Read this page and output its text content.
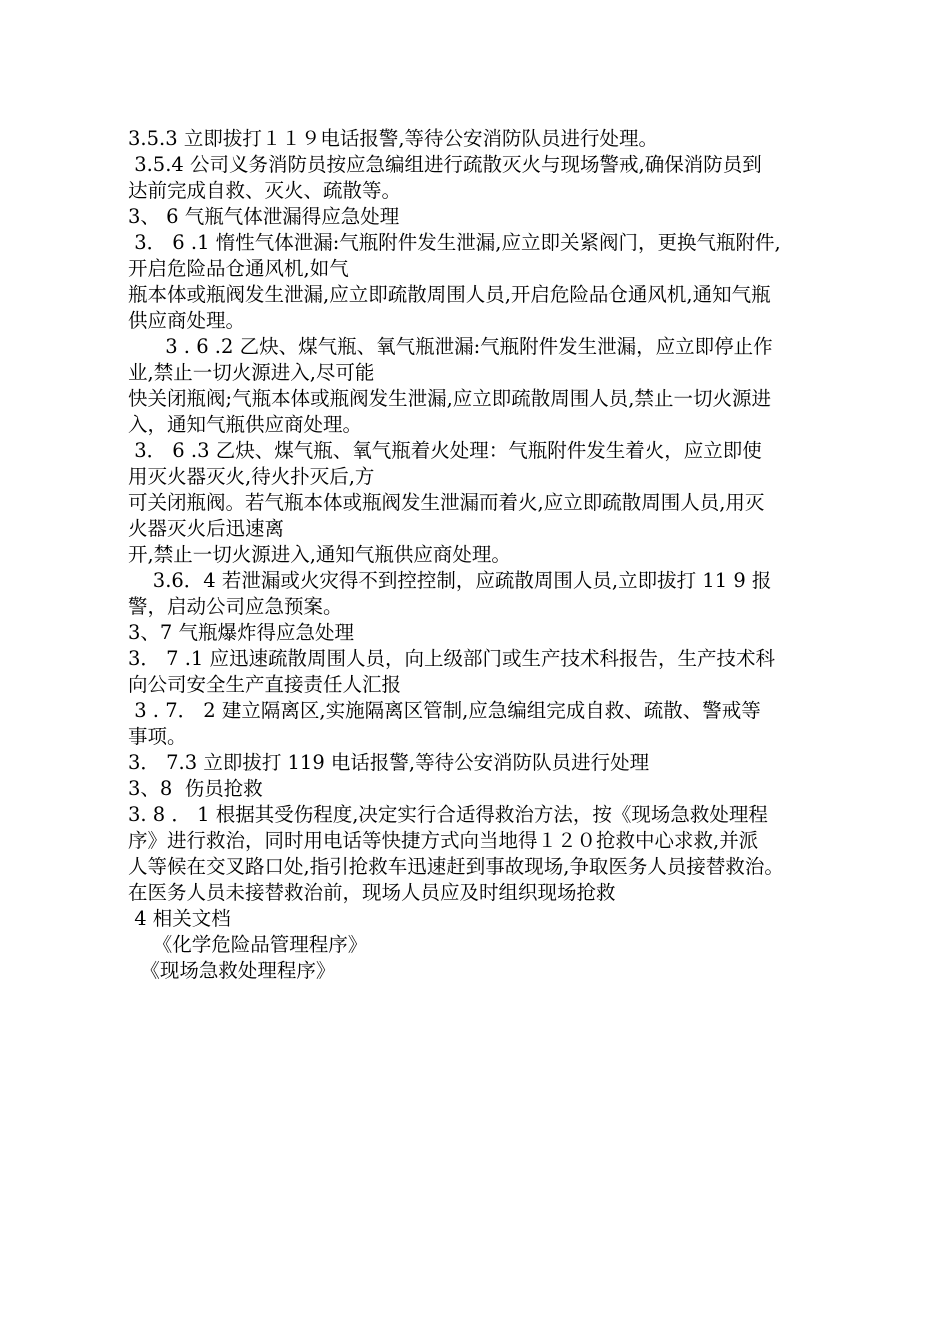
3.5.3 立即拔打１１９电话报警,等待公安消防队员进行处理。
3.5.4 公司义务消防员按应急编组进行疏散灭火与现场警戒,确保消防员到
达前完成自救、灭火、疏散等。
3、 6 气瓶气体泄漏得应急处理
3． 6 .1 惰性气体泄漏:气瓶附件发生泄漏,应立即关紧阀门，更换气瓶附件,
开启危险品仓通风机,如气
瓶本体或瓶阀发生泄漏,应立即疏散周围人员,开启危险品仓通风机,通知气瓶
供应商处理。
3 . 6 .2 乙炔、煤气瓶、氧气瓶泄漏:气瓶附件发生泄漏，应立即停止作
业,禁止一切火源进入,尽可能
快关闭瓶阀;气瓶本体或瓶阀发生泄漏,应立即疏散周围人员,禁止一切火源进
入，通知气瓶供应商处理。
3． 6 .3 乙炔、煤气瓶、氧气瓶着火处理：气瓶附件发生着火，应立即使
用灭火器灭火,待火扑灭后,方
可关闭瓶阀。若气瓶本体或瓶阀发生泄漏而着火,应立即疏散周围人员,用灭
火器灭火后迅速离
开,禁止一切火源进入,通知气瓶供应商处理。
3.6．4 若泄漏或火灾得不到控控制，应疏散周围人员,立即拔打 11 9 报
警，启动公司应急预案。
3、7 气瓶爆炸得应急处理
3． 7 .1 应迅速疏散周围人员，向上级部门或生产技术科报告，生产技术科
向公司安全生产直接责任人汇报
3 . 7． 2 建立隔离区,实施隔离区管制,应急编组完成自救、疏散、警戒等
事项。
3． 7.3 立即拔打 119 电话报警,等待公安消防队员进行处理
3、8  伤员抢救
3. 8 ． 1 根据其受伤程度,决定实行合适得救治方法，按《现场急救处理程
序》进行救治，同时用电话等快捷方式向当地得１２０抢救中心求救,并派
人等候在交叉路口处,指引抢救车迅速赶到事故现场,争取医务人员接替救治。
在医务人员未接替救治前，现场人员应及时组织现场抢救
4 相关文档
《化学危险品管理程序》
《现场急救处理程序》
